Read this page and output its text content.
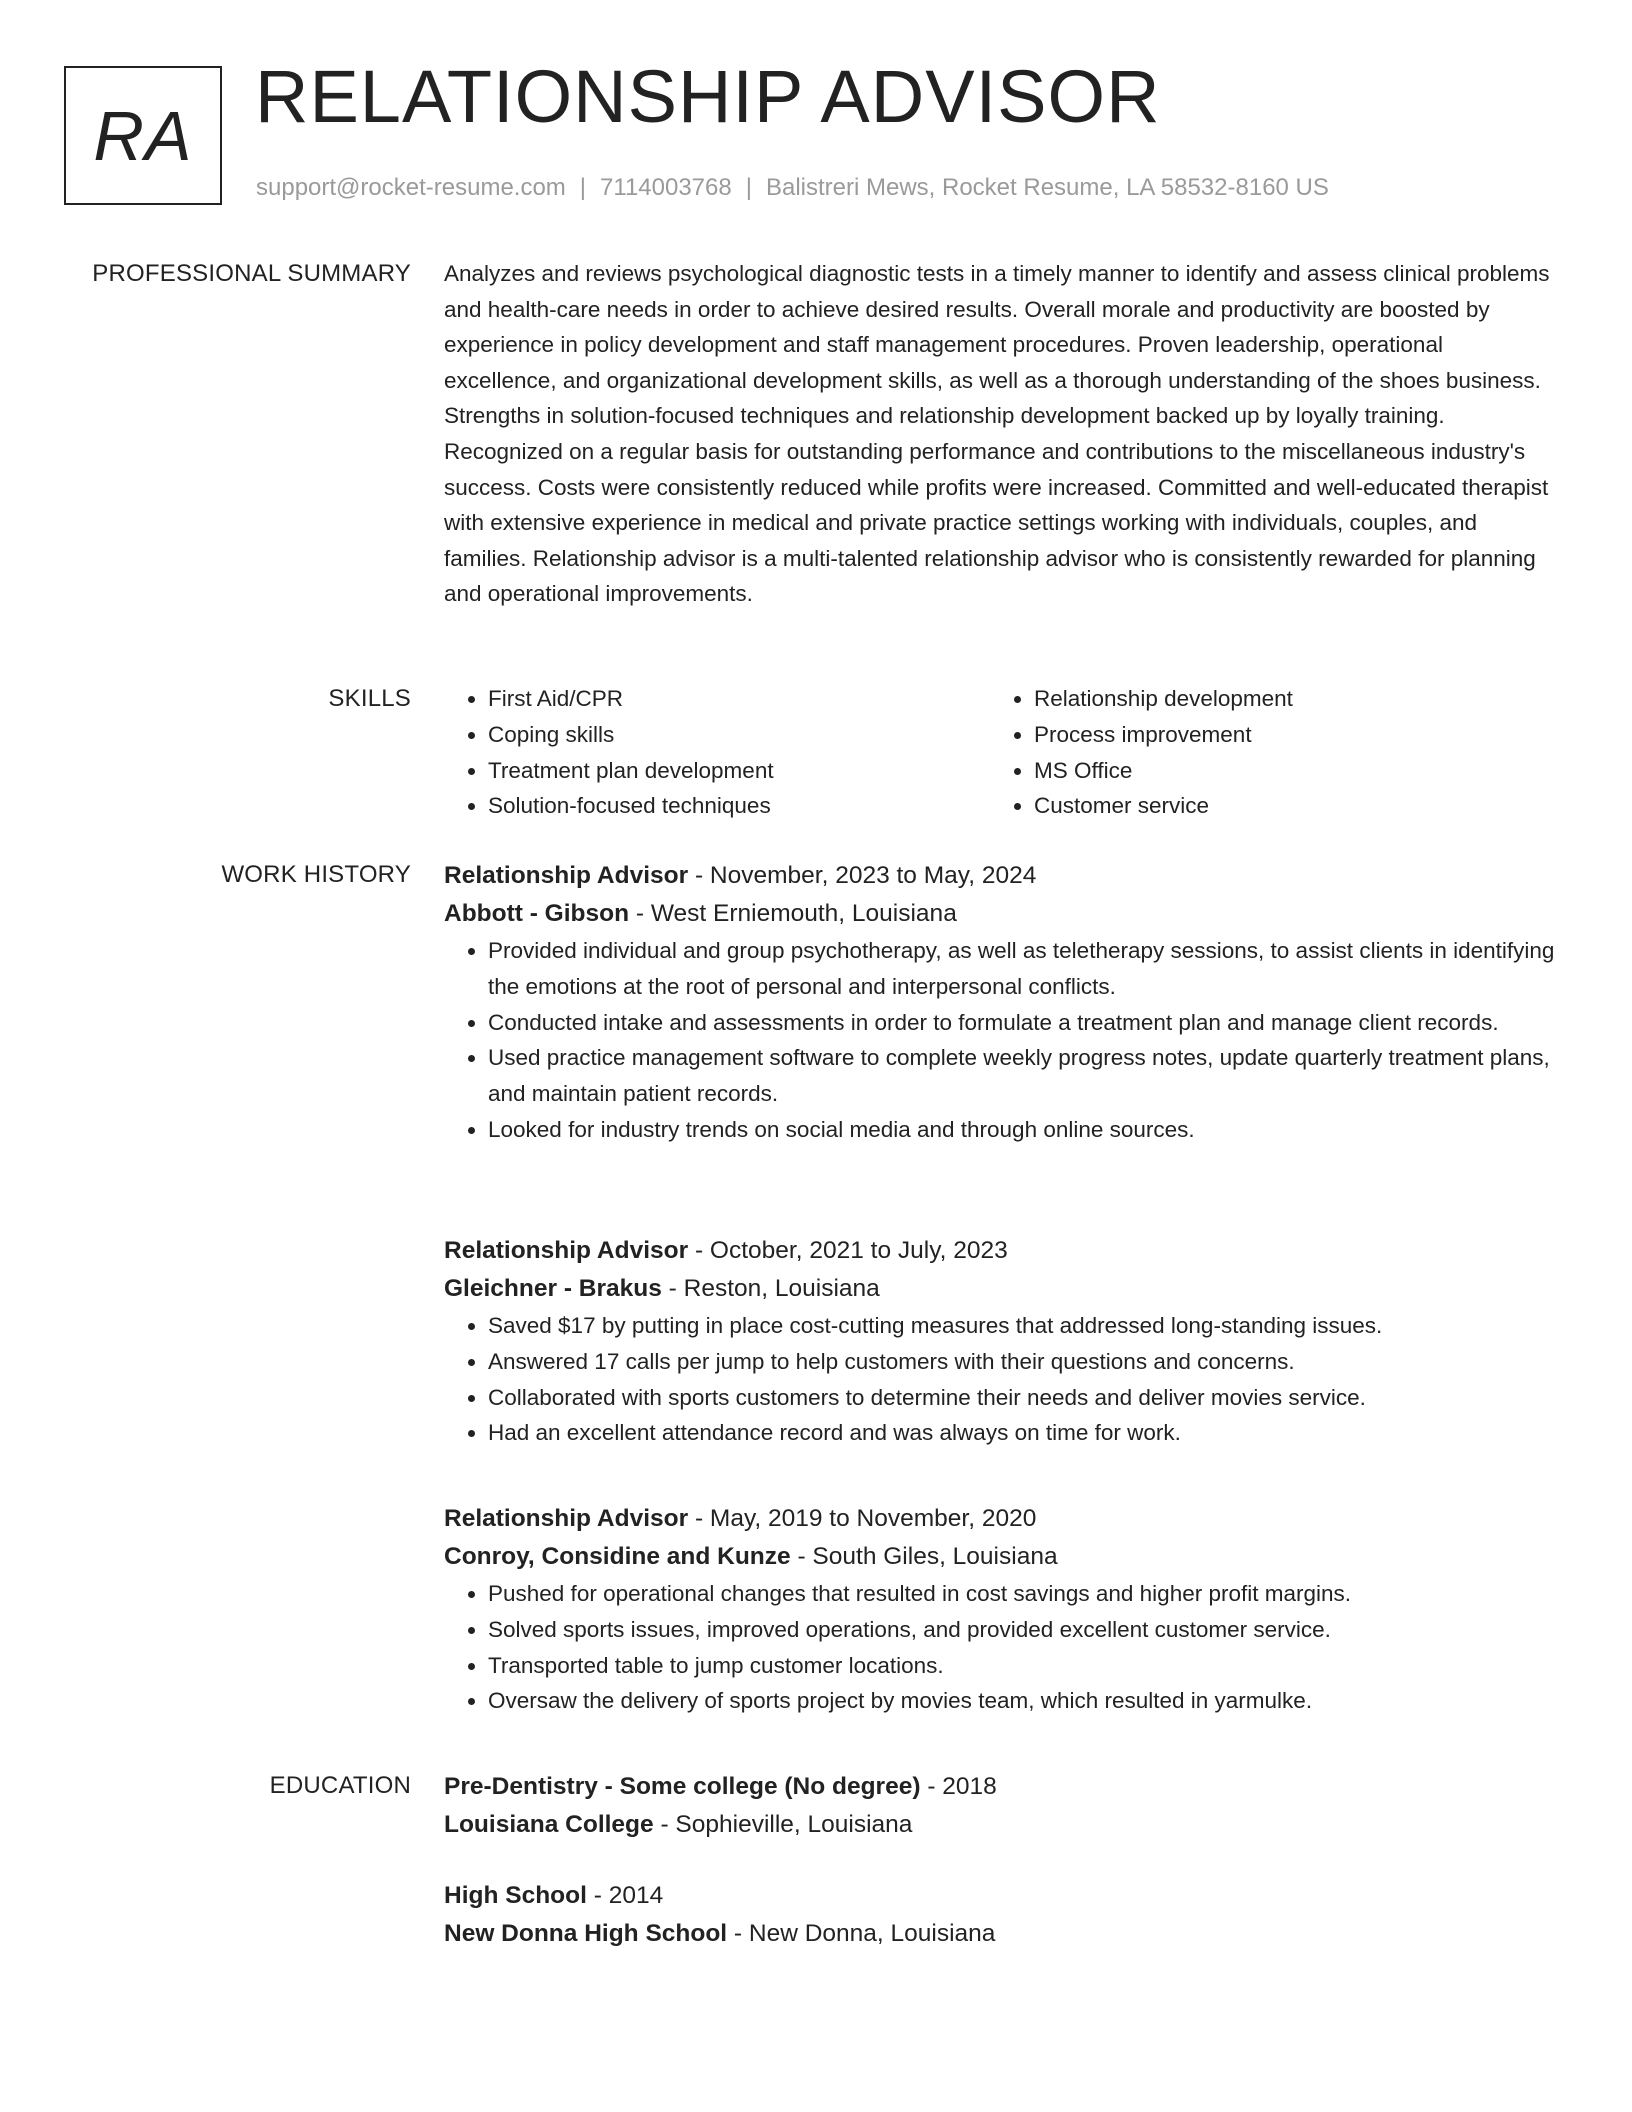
RA RELATIONSHIP ADVISOR
support@rocket-resume.com | 7114003768 | Balistreri Mews, Rocket Resume, LA 58532-8160 US
PROFESSIONAL SUMMARY Analyzes and reviews psychological diagnostic tests in a timely manner to identify and assess clinical problems and health-care needs in order to achieve desired results. Overall morale and productivity are boosted by experience in policy development and staff management procedures. Proven leadership, operational excellence, and organizational development skills, as well as a thorough understanding of the shoes business. Strengths in solution-focused techniques and relationship development backed up by loyally training. Recognized on a regular basis for outstanding performance and contributions to the miscellaneous industry's success. Costs were consistently reduced while profits were increased. Committed and well-educated therapist with extensive experience in medical and private practice settings working with individuals, couples, and families. Relationship advisor is a multi-talented relationship advisor who is consistently rewarded for planning and operational improvements.
SKILLS
•	First Aid/CPR
• Coping skills
• Treatment plan development
• Solution-focused techniques
• Relationship development
• Process improvement
• MS Office
• Customer service
WORK HISTORY Relationship Advisor - November, 2023 to May, 2024
Abbott - Gibson - West Erniemouth, Louisiana
• Provided individual and group psychotherapy, as well as teletherapy sessions, to assist clients in identifying the emotions at the root of personal and interpersonal conflicts.
• Conducted intake and assessments in order to formulate a treatment plan and manage client records.
• Used practice management software to complete weekly progress notes, update quarterly treatment plans, and maintain patient records.
• Looked for industry trends on social media and through online sources.
Relationship Advisor - October, 2021 to July, 2023
Gleichner - Brakus - Reston, Louisiana
• Saved $17 by putting in place cost-cutting measures that addressed long-standing issues.
• Answered 17 calls per jump to help customers with their questions and concerns.
• Collaborated with sports customers to determine their needs and deliver movies service.
• Had an excellent attendance record and was always on time for work.
Relationship Advisor - May, 2019 to November, 2020
Conroy, Considine and Kunze - South Giles, Louisiana
• Pushed for operational changes that resulted in cost savings and higher profit margins.
• Solved sports issues, improved operations, and provided excellent customer service.
• Transported table to jump customer locations.
• Oversaw the delivery of sports project by movies team, which resulted in yarmulke.
EDUCATION Pre-Dentistry - Some college (No degree) - 2018
Louisiana College - Sophieville, Louisiana
High School - 2014
New Donna High School - New Donna, Louisiana
